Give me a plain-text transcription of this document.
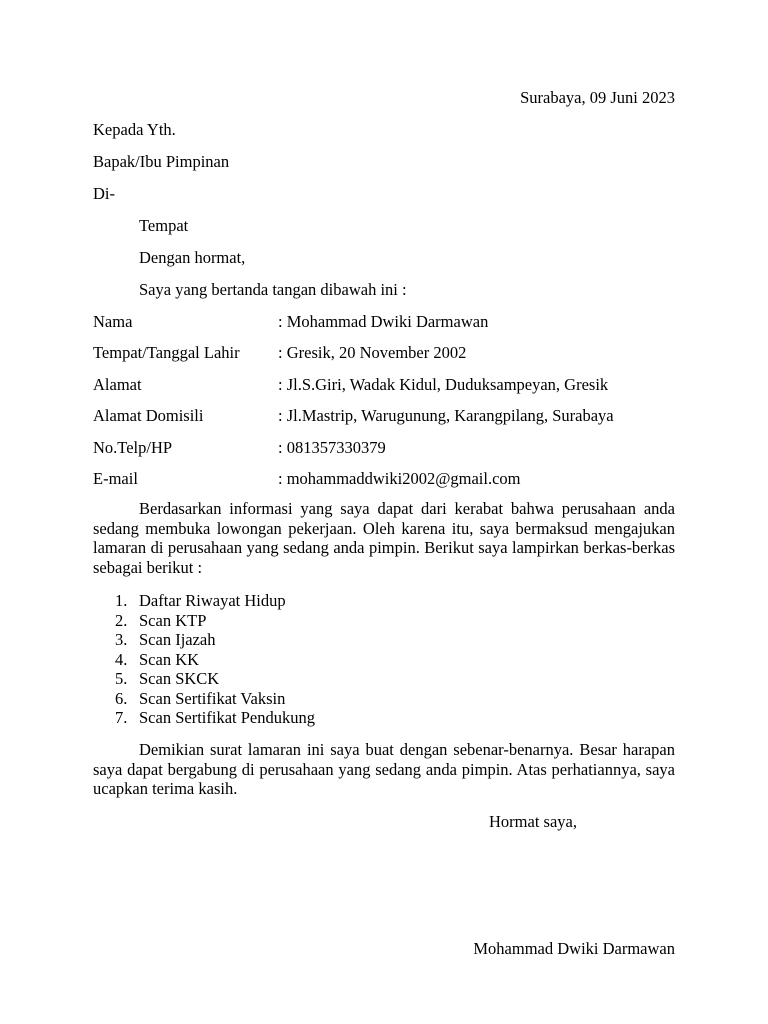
Surabaya, 09 Juni 2023
Kepada Yth.
Bapak/Ibu Pimpinan
Di-
Tempat
Dengan hormat,
Saya yang bertanda tangan dibawah ini :
Nama	: Mohammad Dwiki Darmawan
Tempat/Tanggal Lahir : Gresik, 20 November 2002
Alamat	: Jl.S.Giri, Wadak Kidul, Duduksampeyan, Gresik
Alamat Domisili	: Jl.Mastrip, Warugunung, Karangpilang, Surabaya
No.Telp/HP	: 081357330379
E-mail	: mohammaddwiki2002@gmail.com

Berdasarkan informasi yang saya dapat dari kerabat bahwa perusahaan anda sedang membuka lowongan pekerjaan. Oleh karena itu, saya bermaksud mengajukan lamaran di perusahaan yang sedang anda pimpin. Berikut saya lampirkan berkas-berkas sebagai berikut :

1. Daftar Riwayat Hidup
2. Scan KTP
3. Scan Ijazah
4. Scan KK
5. Scan SKCK
6. Scan Sertifikat Vaksin
7. Scan Sertifikat Pendukung

Demikian surat lamaran ini saya buat dengan sebenar-benarnya. Besar harapan saya dapat bergabung di perusahaan yang sedang anda pimpin. Atas perhatiannya, saya ucapkan terima kasih.

Hormat saya,
Mohammad Dwiki Darmawan
